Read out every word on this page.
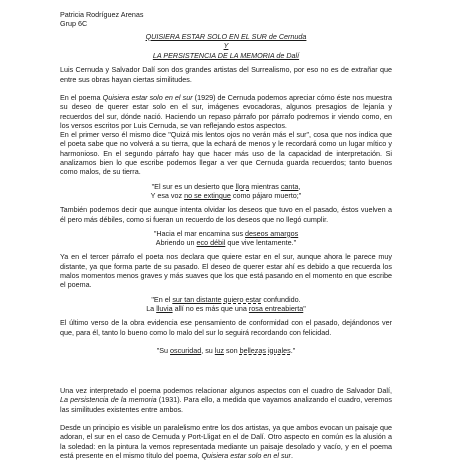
Patricia Rodríguez Arenas
Grup 6C
QUISIERA ESTAR SOLO EN EL SUR de Cernuda
Y
LA PERSISTENCIA DE LA MEMORIA de Dalí

Luis Cernuda y Salvador Dalí son dos grandes artistas del Surrealismo, por eso no es de extrañar que entre sus obras hayan ciertas similitudes.

En el poema Quisiera estar solo en el sur (1929) de Cernuda podemos apreciar cómo éste nos muestra su deseo de querer estar solo en el sur, imágenes evocadoras, algunos presagios de lejanía y recuerdos del sur, dónde nació. Haciendo un repaso párrafo por párrafo podremos ir viendo como, en los versos escritos por Luis Cernuda, se van reflejando estos aspectos.

En el primer verso él mismo dice "Quizá mis lentos ojos no verán más el sur", cosa que nos indica que el poeta sabe que no volverá a su tierra, que la echará de menos y le recordará como un lugar mítico y harmonioso. En el segundo párrafo hay que hacer más uso de la capacidad de interpretación. Si analizamos bien lo que escribe podemos llegar a ver que Cernuda guarda recuerdos; tanto buenos como malos, de su tierra.

"El sur es un desierto que llora mientras canta,
Y esa voz no se extingue como pájaro muerto;"

También podemos decir que aunque intenta olvidar los deseos que tuvo en el pasado, éstos vuelven a él pero más débiles, como si fueran un recuerdo de los deseos que no llegó cumplir.

"Hacia el mar encamina sus deseos amargos
Abriendo un eco débil que vive lentamente."

Ya en el tercer párrafo el poeta nos declara que quiere estar en el sur, aunque ahora le parece muy distante, ya que forma parte de su pasado. El deseo de querer estar ahí es debido a que recuerda los malos momentos menos graves y más suaves que los que está pasando en el momento en que escribe el poema.

"En el sur tan distante quiero estar confundido.
La lluvia allí no es más que una rosa entreabierta"

El último verso de la obra evidencia ese pensamiento de conformidad con el pasado, dejándonos ver que, para él, tanto lo bueno como lo malo del sur lo seguirá recordando con felicidad.

"Su oscuridad, su luz son bellezas iguales."

Una vez interpretado el poema podemos relacionar algunos aspectos con el cuadro de Salvador Dalí, La persistencia de la memoria (1931). Para ello, a medida que vayamos analizando el cuadro, veremos las similitudes existentes entre ambos.

Desde un principio es visible un paralelismo entre los dos artistas, ya que ambos evocan un paisaje que adoran, el sur en el caso de Cernuda y Port-Lligat en el de Dalí. Otro aspecto en común es la alusión a la soledad: en la pintura la vemos representada mediante un paisaje desolado y vacío, y en el poema está presente en el mismo título del poema, Quisiera estar solo en el sur.
